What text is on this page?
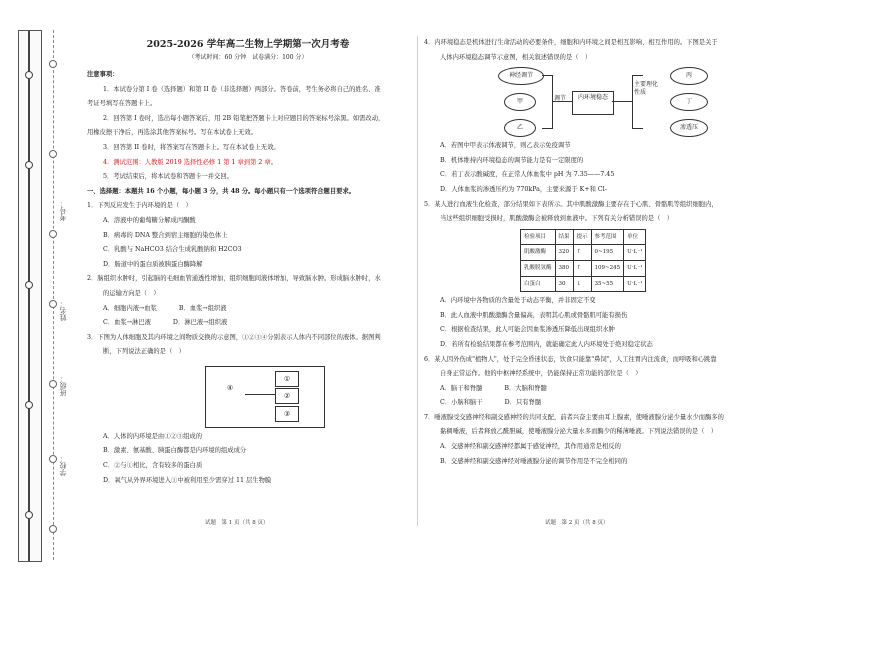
考号：
姓名：
班级：
学校：
2025-2026 学年高二生物上学期第一次月考卷
（考试时间：60 分钟　试卷满分：100 分）

注意事项：

1．本试卷分第 I 卷（选择题）和第 II 卷（非选择题）两部分。答卷前，考生务必将自己的姓名、准

考证号填写在答题卡上。

2．回答第 I 卷时，选出每小题答案后，用 2B 铅笔把答题卡上对应题目的答案标号涂黑。如需改动，

用橡皮擦干净后，再选涂其他答案标号。写在本试卷上无效。

3．回答第 II 卷时，将答案写在答题卡上。写在本试卷上无效。

4．测试范围：人教版 2019 选择性必修 1 第 1 章到第 2 章。

5．考试结束后，将本试卷和答题卡一并交回。

一、选择题：本题共 16 个小题，每小题 3 分，共 48 分。每小题只有一个选项符合题目要求。

1．下列反应发生于内环境的是（　）

A．溶液中的葡萄糖分解成丙酮酸

B．病毒的 DNA 整合到宿主细胞的染色体上

C．乳酸与 NaHCO3 结合生成乳酸钠和 H2CO3

D．肠道中的蛋白质被胰蛋白酶降解

2．脑组织水肿时，引起脑的毛细血管通透性增加，组织细胞间液体增加，导致脑水肿。形成脑水肿时，水

的运输方向是（　）

A．细胞内液→血浆	B．血浆→组织液
C．血浆→淋巴液	D．淋巴液→组织液

3．下图为人体细胞及其内环境之间物质交换的示意图，①②③④分别表示人体内不同部位的液体。据图判

断，下列说法正确的是（　）

④
①
②
③

A．人体的内环境是由①②③组成的

B．激素、氨基酸、胰蛋白酶都是内环境的组成成分

C．②与①相比，含有较多的蛋白质

D．氧气从外界环境进入①中被利用至少需穿过 11 层生物膜

试题　第 1 页（共 8 页）

4．内环境稳态是机体进行生命活动的必要条件，细胞和内环境之间是相互影响、相互作用的。下图是关于

人体内环境稳态调节示意图，相关叙述错误的是（　）

神经调节
甲
乙
调节	内环境稳态
主要理化性质
丙
丁
渗透压

A．若图中甲表示体液调节，则乙表示免疫调节

B．机体维持内环境稳态的调节能力是有一定限度的

C．若丁表示酸碱度，在正常人体血浆中 pH 为 7.35——7.45

D．人体血浆的渗透压约为 770kPa，主要来源于 K+和 Cl-

5．某人进行血液生化检查，部分结果如下表所示。其中肌酸激酶主要存在于心肌、骨骼肌等组织细胞内，

当这些组织细胞受损时，肌酸激酶会被释放到血液中。下列有关分析错误的是（　）

检验项目	结果	提示	参考范围	单位
肌酸激酶	320	↑	0~195	U·L⁻¹
乳酸脱氢酶	380	↑	109~245	U·L⁻¹
白蛋白	30	↓	35~55	U·L⁻¹

A．内环境中各物质的含量处于动态平衡，并非固定不变

B．此人血液中肌酸激酶含量偏高，表明其心肌或骨骼肌可能有损伤

C．根据检查结果，此人可能会因血浆渗透压降低出现组织水肿

D．若所有检验结果都在参考范围内，就能确定此人内环境处于绝对稳定状态

6．某人因外伤成"植物人"，处于完全昏迷状态，饮食只能靠"鼻饲"，人工往胃内注流食，而呼吸和心跳靠

自身正常运作。他的中枢神经系统中，仍能保持正常功能的部位是（　）

A．脑干和脊髓	B．大脑和脊髓
C．小脑和脑干	D．只有脊髓

7．唾液腺受交感神经和副交感神经的共同支配，前者兴奋主要由耳上腺素，使唾液腺分泌少量水少而酶多的

黏稠唾液，后者释放乙酰胆碱，使唾液腺分泌大量水多而酶少的稀薄唾液。下列说法错误的是（　）

A．交感神经和副交感神经都属于感觉神经，其作用通常是相反的

B．交感神经和副交感神经对唾液腺分泌的调节作用是不完全相同的

试题　第 2 页（共 8 页）
